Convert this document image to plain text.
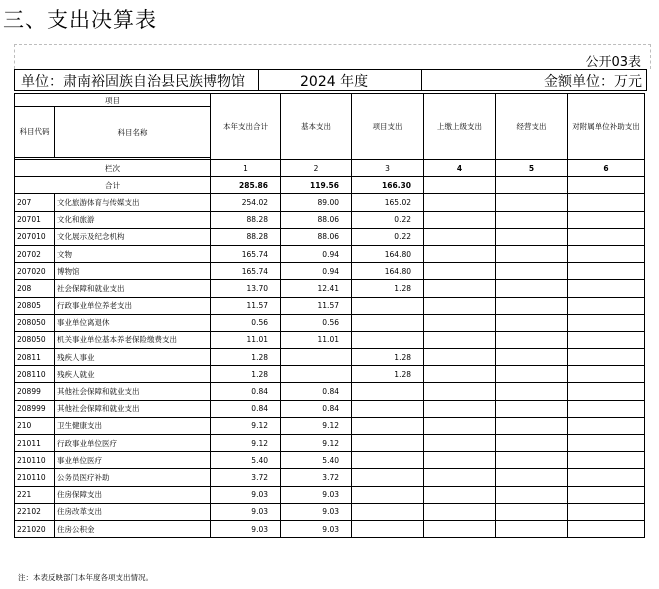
三、支出决算表
公开03表
单位：肃南裕固族自治县民族博物馆	2024 年度	金额单位：万元
项目		本年支出合计	基本支出	项目支出	上缴上级支出	经营支出	对附属单位补助支出
科目代码	科目名称						

栏次		1	2	3	4	5	6
合计		285.86	119.56	166.30			
207	文化旅游体育与传媒支出	254.02	89.00	165.02			
20701	文化和旅游	88.28	88.06	0.22			
207010	文化展示及纪念机构	88.28	88.06	0.22			
20702	文物	165.74	0.94	164.80			
207020	博物馆	165.74	0.94	164.80			
208	社会保障和就业支出	13.70	12.41	1.28			
20805	行政事业单位养老支出	11.57	11.57				
208050	事业单位离退休	0.56	0.56				
208050	机关事业单位基本养老保险缴费支出	11.01	11.01				
20811	残疾人事业	1.28		1.28			
208110	残疾人就业	1.28		1.28			
20899	其他社会保障和就业支出	0.84	0.84				
208999	其他社会保障和就业支出	0.84	0.84				
210	卫生健康支出	9.12	9.12				
21011	行政事业单位医疗	9.12	9.12				
210110	事业单位医疗	5.40	5.40				
210110	公务员医疗补助	3.72	3.72				
221	住房保障支出	9.03	9.03				
22102	住房改革支出	9.03	9.03				
221020	住房公积金	9.03	9.03				
注：本表反映部门本年度各项支出情况。
